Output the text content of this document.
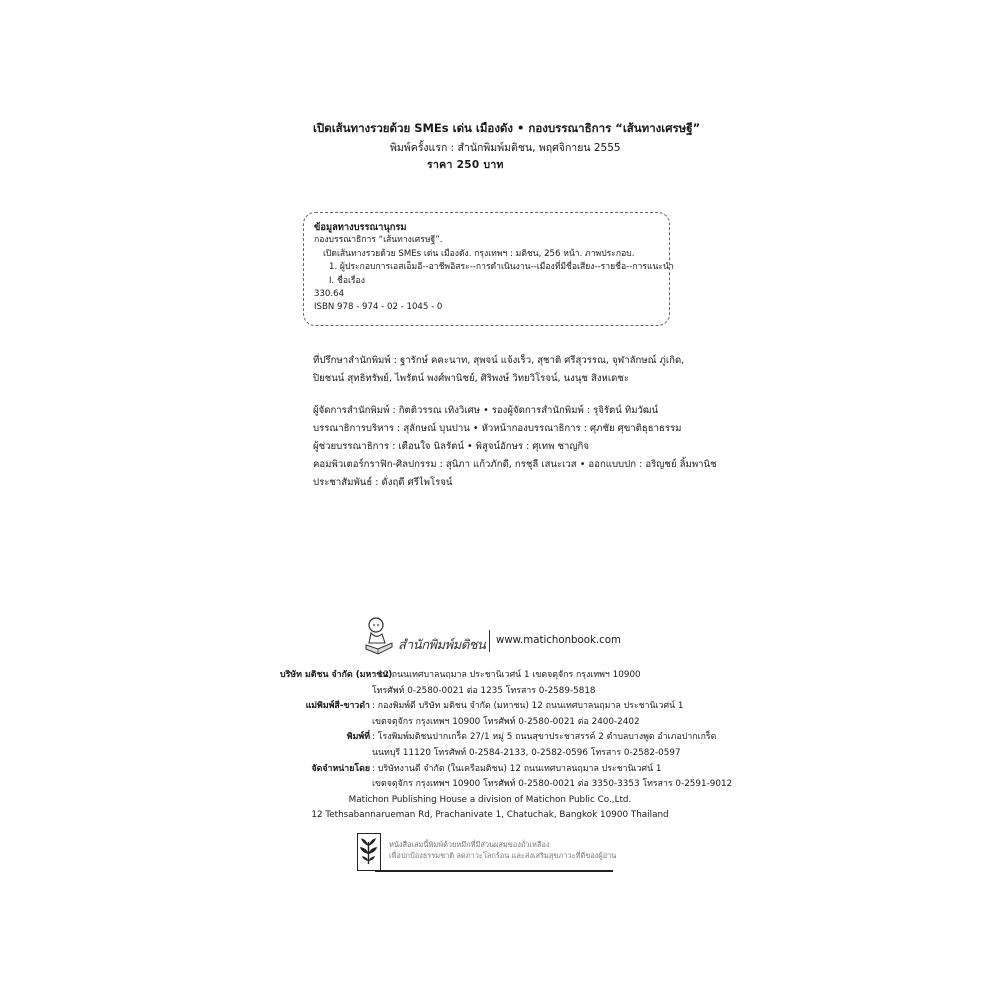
เปิดเส้นทางรวยด้วย SMEs เด่น เมืองดัง • กองบรรณาธิการ “เส้นทางเศรษฐี”
พิมพ์ครั้งแรก : สำนักพิมพ์มติชน, พฤศจิกายน 2555
ราคา 250 บาท
ข้อมูลทางบรรณานุกรม
กองบรรณาธิการ “เส้นทางเศรษฐี”.
เปิดเส้นทางรวยด้วย SMEs เด่น เมืองดัง. กรุงเทพฯ : มติชน, 256 หน้า. ภาพประกอบ.
1. ผู้ประกอบการเอสเอ็มอี--อาชีพอิสระ--การดำเนินงาน--เมืองที่มีชื่อเสียง--รายชื่อ--การแนะนำ
I. ชื่อเรื่อง
330.64
ISBN 978 - 974 - 02 - 1045 - 0
ที่ปรึกษาสำนักพิมพ์ : ฐารักษ์ คคะนาท, สุพจน์ แจ้งเร็ว, สุชาติ ศรีสุวรรณ, จุฬาลักษณ์ ภู่เกิด,
ปิยชนน์ สุทธิทรัพย์, ไพรัตน์ พงศ์พานิชย์, ศิริพงษ์ วิทยวิโรจน์, นงนุช สิงหเดชะ
ผู้จัดการสำนักพิมพ์ : กิตติวรรณ เทิงวิเศษ • รองผู้จัดการสำนักพิมพ์ : รุจิรัตน์ ทิมวัฒน์
บรรณาธิการบริหาร : สุลักษณ์ บุนปาน • หัวหน้ากองบรรณาธิการ : ศุภชัย ศุขาติธุธาธรรม
ผู้ช่วยบรรณาธิการ : เตือนใจ นิลรัตน์ • พิสูจน์อักษร : ศุเทพ ชาญกิจ
คอมพิวเตอร์กราฟิก-ศิลปกรรม : สุนิภา แก้วภักดี, กรชุลี เสนะเวส • ออกแบบปก : อริญชย์ ลิ้มพานิช
ประชาสัมพันธ์ : ดั่งฤดี ศรีไพโรจน์
สำนักพิมพ์มติชน www.matichonbook.com
บริษัท มติชน จำกัด (มหาชน)
: 12 ถนนเทศบาลนฤมาล ประชานิเวศน์ 1 เขตจตุจักร กรุงเทพฯ 10900
โทรศัพท์ 0-2580-0021 ต่อ 1235 โทรสาร 0-2589-5818
แม่พิมพ์สี-ขาวดำ : กองพิมพ์ดี บริษัท มติชน จำกัด (มหาชน) 12 ถนนเทศบาลนฤมาล ประชานิเวศน์ 1
เขตจตุจักร กรุงเทพฯ 10900 โทรศัพท์ 0-2580-0021 ต่อ 2400-2402
พิมพ์ที่ : โรงพิมพ์มติชนปากเกร็ด 27/1 หมู่ 5 ถนนสุขาประชาสรรค์ 2 ตำบลบางพูด อำเภอปากเกร็ด
นนทบุรี 11120 โทรศัพท์ 0-2584-2133, 0-2582-0596 โทรสาร 0-2582-0597
จัดจำหน่ายโดย : บริษัทงานดี จำกัด (ในเครือมติชน) 12 ถนนเทศบาลนฤมาล ประชานิเวศน์ 1
เขตจตุจักร กรุงเทพฯ 10900 โทรศัพท์ 0-2580-0021 ต่อ 3350-3353 โทรสาร 0-2591-9012
Matichon Publishing House a division of Matichon Public Co.,Ltd.
12 Tethsabannarueman Rd, Prachanivate 1, Chatuchak, Bangkok 10900 Thailand
หนังสือเล่มนี้พิมพ์ด้วยหมึกที่มีส่วนผสมของถั่วเหลือง
เพื่อปกป้องธรรมชาติ ลดภาวะโลกร้อน และส่งเสริมสุขภาวะที่ดีของผู้อ่าน
